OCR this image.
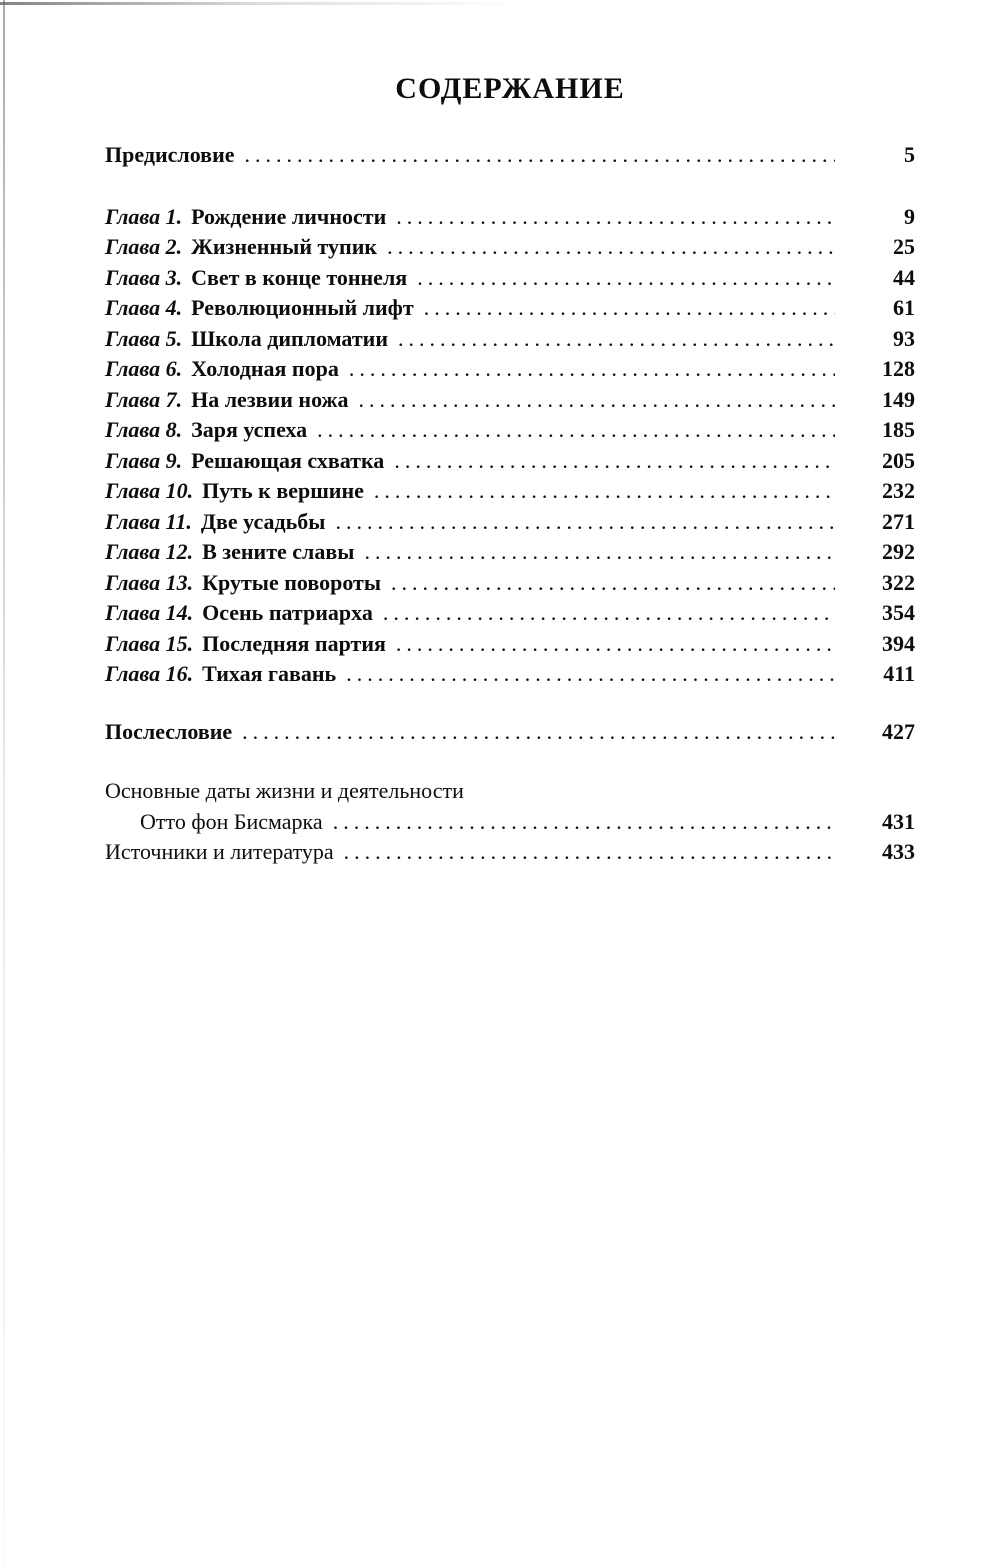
СОДЕРЖАНИЕ
Предисловие .....	5
Глава 1. Рождение личности .....	9
Глава 2. Жизненный тупик .....	25
Глава 3. Свет в конце тоннеля .....	44
Глава 4. Революционный лифт .....	61
Глава 5. Школа дипломатии .....	93
Глава 6. Холодная пора .....	128
Глава 7. На лезвии ножа .....	149
Глава 8. Заря успеха .....	185
Глава 9. Решающая схватка .....	205
Глава 10. Путь к вершине .....	232
Глава 11. Две усадьбы .....	271
Глава 12. В зените славы .....	292
Глава 13. Крутые повороты .....	322
Глава 14. Осень патриарха .....	354
Глава 15. Последняя партия .....	394
Глава 16. Тихая гавань .....	411
Послесловие .....	427
Основные даты жизни и деятельности
Отто фон Бисмарка .....	431
Источники и литература .....	433
